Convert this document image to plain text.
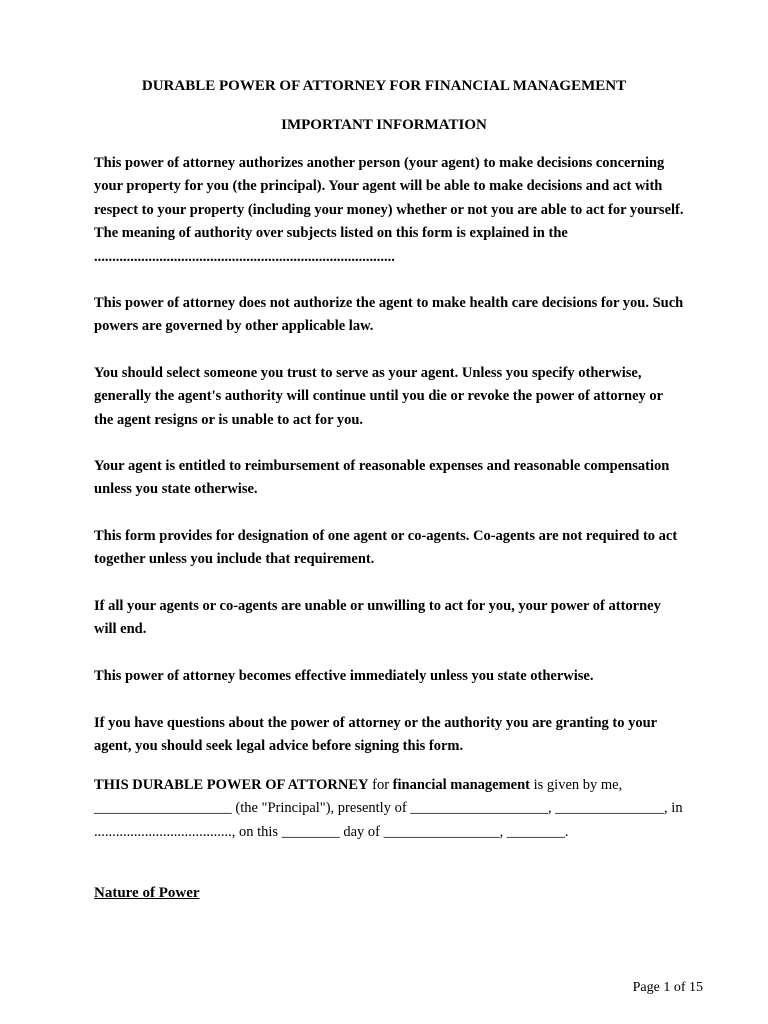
DURABLE POWER OF ATTORNEY FOR FINANCIAL MANAGEMENT
IMPORTANT INFORMATION

This power of attorney authorizes another person (your agent) to make decisions concerning your property for you (the principal). Your agent will be able to make decisions and act with respect to your property (including your money) whether or not you are able to act for yourself. The meaning of authority over subjects listed on this form is explained in the ...................................................................................

This power of attorney does not authorize the agent to make health care decisions for you. Such powers are governed by other applicable law.

You should select someone you trust to serve as your agent. Unless you specify otherwise, generally the agent's authority will continue until you die or revoke the power of attorney or the agent resigns or is unable to act for you.

Your agent is entitled to reimbursement of reasonable expenses and reasonable compensation unless you state otherwise.

This form provides for designation of one agent or co-agents. Co-agents are not required to act together unless you include that requirement.

If all your agents or co-agents are unable or unwilling to act for you, your power of attorney will end.

This power of attorney becomes effective immediately unless you state otherwise.

If you have questions about the power of attorney or the authority you are granting to your agent, you should seek legal advice before signing this form.

THIS DURABLE POWER OF ATTORNEY for financial management is given by me, ___________________ (the "Principal"), presently of ___________________, _______________, in ......................................, on this ________ day of ________________, ________.

Nature of Power

Page 1 of 15
